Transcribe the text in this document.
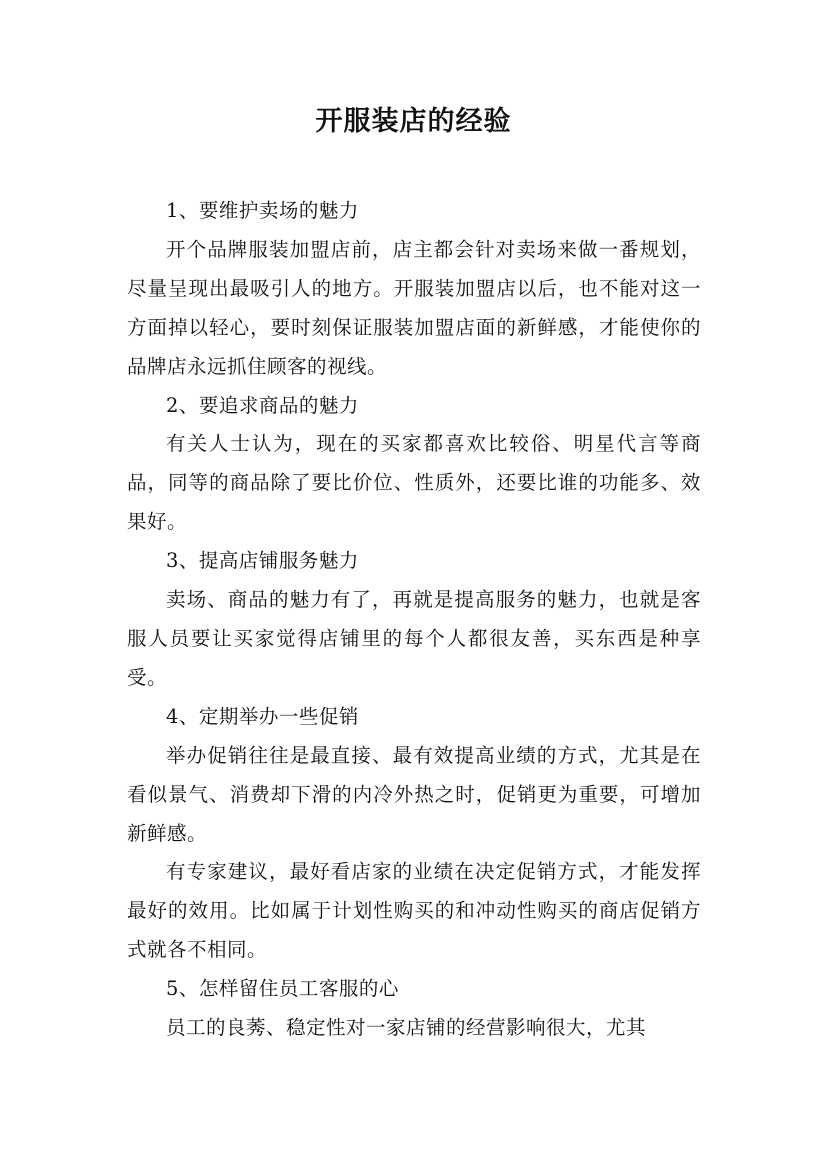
开服装店的经验

1、要维护卖场的魅力

开个品牌服装加盟店前，店主都会针对卖场来做一番规划，尽量呈现出最吸引人的地方。开服装加盟店以后，也不能对这一方面掉以轻心，要时刻保证服装加盟店面的新鲜感，才能使你的品牌店永远抓住顾客的视线。

2、要追求商品的魅力

有关人士认为，现在的买家都喜欢比较俗、明星代言等商品，同等的商品除了要比价位、性质外，还要比谁的功能多、效果好。

3、提高店铺服务魅力

卖场、商品的魅力有了，再就是提高服务的魅力，也就是客服人员要让买家觉得店铺里的每个人都很友善，买东西是种享受。

4、定期举办一些促销

举办促销往往是最直接、最有效提高业绩的方式，尤其是在看似景气、消费却下滑的内冷外热之时，促销更为重要，可增加新鲜感。

有专家建议，最好看店家的业绩在决定促销方式，才能发挥最好的效用。比如属于计划性购买的和冲动性购买的商店促销方式就各不相同。

5、怎样留住员工客服的心

员工的良莠、稳定性对一家店铺的经营影响很大，尤其
